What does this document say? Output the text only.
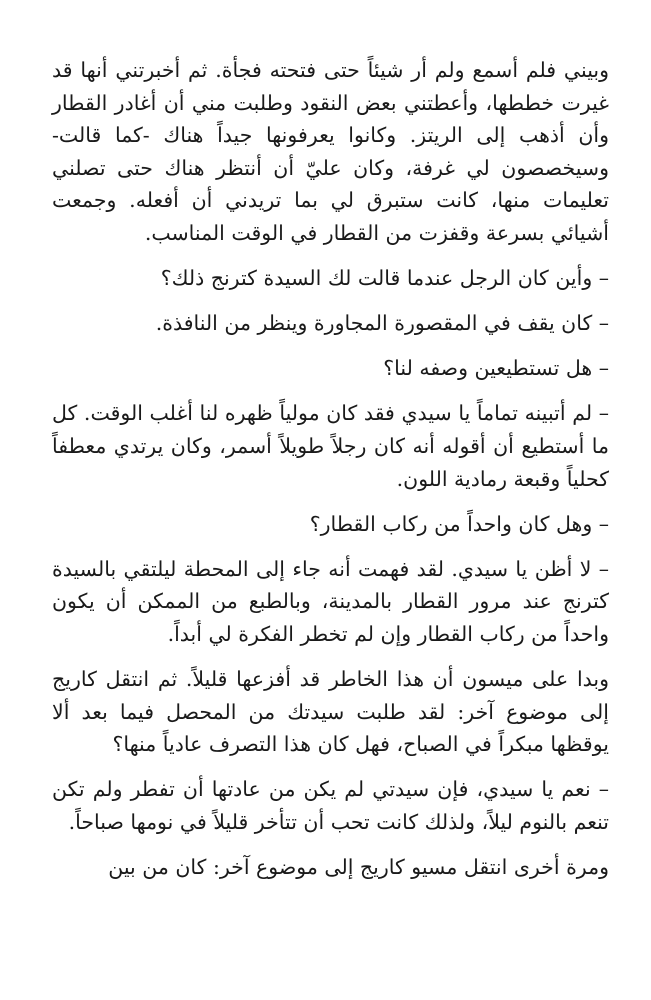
وبيني فلم أسمع ولم أر شيئاً حتى فتحته فجأة. ثم أخبرتني أنها قد غيرت خططها، وأعطتني بعض النقود وطلبت مني أن أغادر القطار وأن أذهب إلى الريتز. وكانوا يعرفونها جيداً هناك -كما قالت- وسيخصصون لي غرفة، وكان عليّ أن أنتظر هناك حتى تصلني تعليمات منها، كانت ستبرق لي بما تريدني أن أفعله. وجمعت أشيائي بسرعة وقفزت من القطار في الوقت المناسب.

– وأين كان الرجل عندما قالت لك السيدة كترنج ذلك؟

– كان يقف في المقصورة المجاورة وينظر من النافذة.

– هل تستطيعين وصفه لنا؟

– لم أتبينه تماماً يا سيدي فقد كان مولياً ظهره لنا أغلب الوقت. كل ما أستطيع أن أقوله أنه كان رجلاً طويلاً أسمر، وكان يرتدي معطفاً كحلياً وقبعة رمادية اللون.

– وهل كان واحداً من ركاب القطار؟

– لا أظن يا سيدي. لقد فهمت أنه جاء إلى المحطة ليلتقي بالسيدة كترنج عند مرور القطار بالمدينة، وبالطبع من الممكن أن يكون واحداً من ركاب القطار وإن لم تخطر الفكرة لي أبداً.

وبدا على ميسون أن هذا الخاطر قد أفزعها قليلاً. ثم انتقل كاريج إلى موضوع آخر: لقد طلبت سيدتك من المحصل فيما بعد ألا يوقظها مبكراً في الصباح، فهل كان هذا التصرف عادياً منها؟

– نعم يا سيدي، فإن سيدتي لم يكن من عادتها أن تفطر ولم تكن تنعم بالنوم ليلاً، ولذلك كانت تحب أن تتأخر قليلاً في نومها صباحاً.

ومرة أخرى انتقل مسيو كاريج إلى موضوع آخر: كان من بين
